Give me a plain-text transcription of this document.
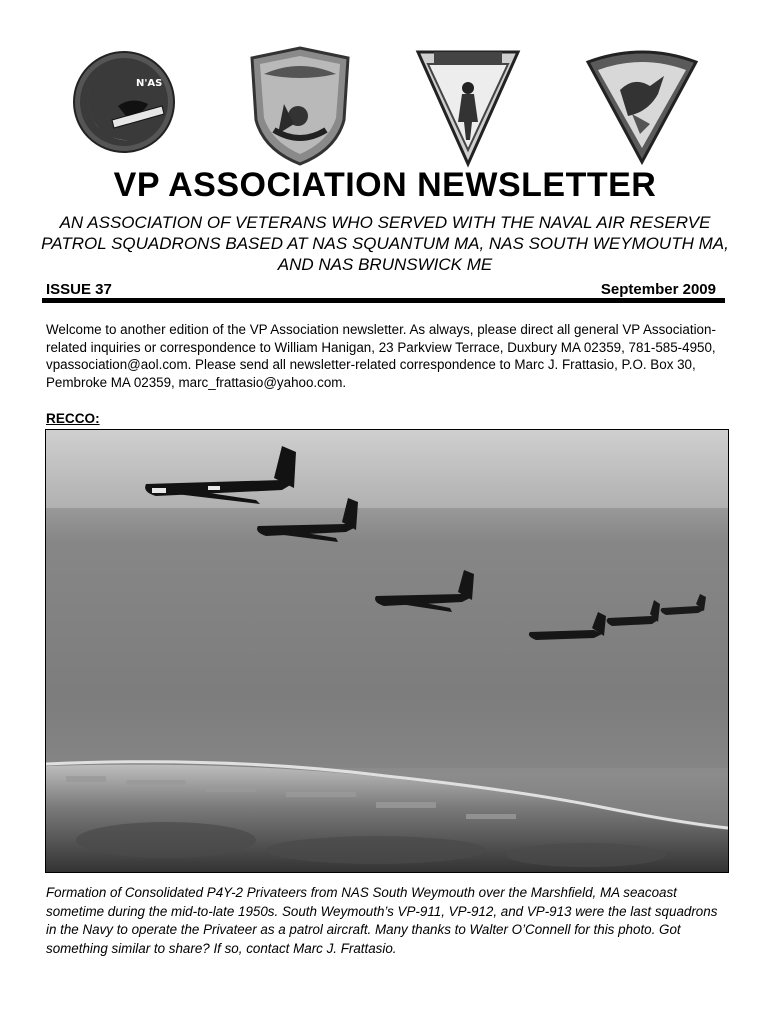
N'AS
VP ASSOCIATION NEWSLETTER
AN ASSOCIATION OF VETERANS WHO SERVED WITH THE NAVAL AIR RESERVE PATROL SQUADRONS BASED AT NAS SQUANTUM MA, NAS SOUTH WEYMOUTH MA, AND NAS BRUNSWICK ME
ISSUE 37	September 2009
Welcome to another edition of the VP Association newsletter. As always, please direct all general VP Association-related inquiries or correspondence to William Hanigan, 23 Parkview Terrace, Duxbury MA 02359, 781-585-4950, vpassociation@aol.com. Please send all newsletter-related correspondence to Marc J. Frattasio, P.O. Box 30, Pembroke MA 02359, marc_frattasio@yahoo.com.
RECCO:
Formation of Consolidated P4Y-2 Privateers from NAS South Weymouth over the Marshfield, MA seacoast sometime during the mid-to-late 1950s. South Weymouth’s VP-911, VP-912, and VP-913 were the last squadrons in the Navy to operate the Privateer as a patrol aircraft. Many thanks to Walter O’Connell for this photo. Got something similar to share? If so, contact Marc J. Frattasio.
